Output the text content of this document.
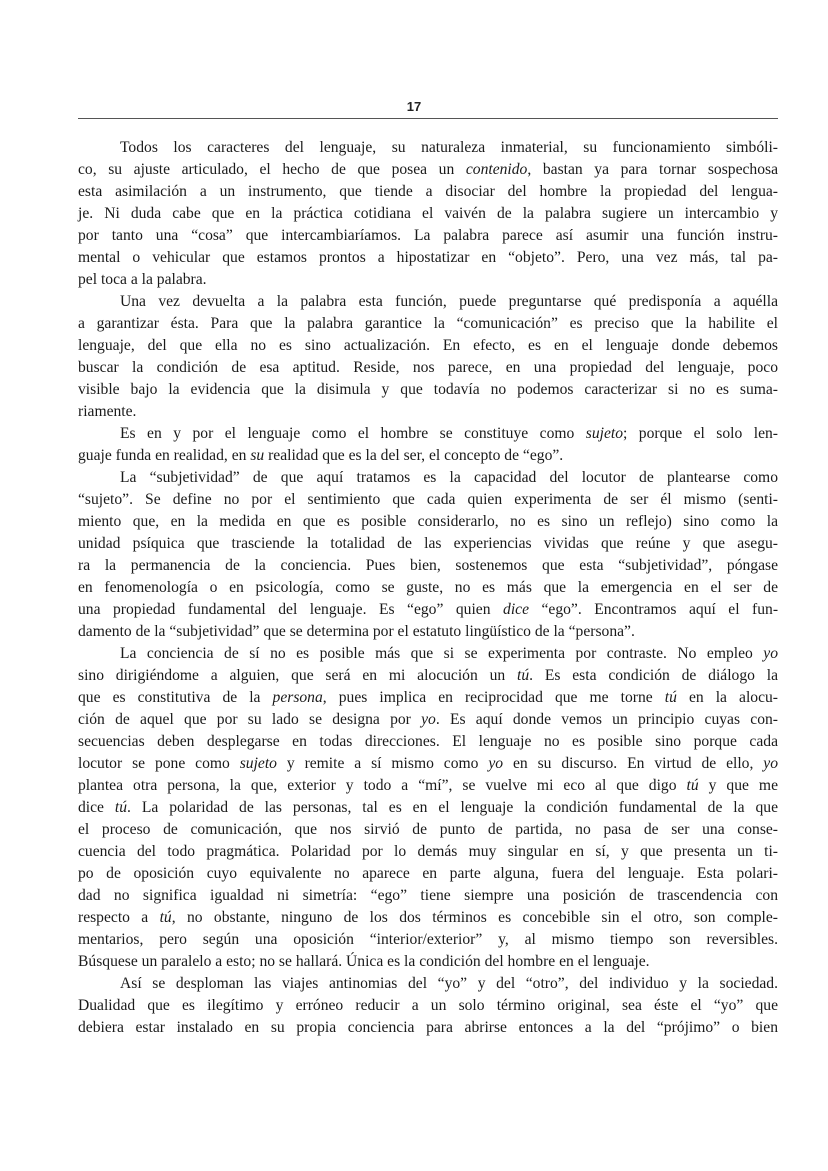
17
Todos los caracteres del lenguaje, su naturaleza inmaterial, su funcionamiento simbóli-
co, su ajuste articulado, el hecho de que posea un contenido, bastan ya para tornar sospechosa
esta asimilación a un instrumento, que tiende a disociar del hombre la propiedad del lengua-
je. Ni duda cabe que en la práctica cotidiana el vaivén de la palabra sugiere un intercambio y
por tanto una “cosa” que intercambiaríamos. La palabra parece así asumir una función instru-
mental o vehicular que estamos prontos a hipostatizar en “objeto”. Pero, una vez más, tal pa-
pel toca a la palabra.
Una vez devuelta a la palabra esta función, puede preguntarse qué predisponía a aquélla
a garantizar ésta. Para que la palabra garantice la “comunicación” es preciso que la habilite el
lenguaje, del que ella no es sino actualización. En efecto, es en el lenguaje donde debemos
buscar la condición de esa aptitud. Reside, nos parece, en una propiedad del lenguaje, poco
visible bajo la evidencia que la disimula y que todavía no podemos caracterizar si no es suma-
riamente.
Es en y por el lenguaje como el hombre se constituye como sujeto; porque el solo len-
guaje funda en realidad, en su realidad que es la del ser, el concepto de “ego”.
La “subjetividad” de que aquí tratamos es la capacidad del locutor de plantearse como
“sujeto”. Se define no por el sentimiento que cada quien experimenta de ser él mismo (senti-
miento que, en la medida en que es posible considerarlo, no es sino un reflejo) sino como la
unidad psíquica que trasciende la totalidad de las experiencias vividas que reúne y que asegu-
ra la permanencia de la conciencia. Pues bien, sostenemos que esta “subjetividad”, póngase
en fenomenología o en psicología, como se guste, no es más que la emergencia en el ser de
una propiedad fundamental del lenguaje. Es “ego” quien dice “ego”. Encontramos aquí el fun-
damento de la “subjetividad” que se determina por el estatuto lingüístico de la “persona”.
La conciencia de sí no es posible más que si se experimenta por contraste. No empleo yo
sino dirigiéndome a alguien, que será en mi alocución un tú. Es esta condición de diálogo la
que es constitutiva de la persona, pues implica en reciprocidad que me torne tú en la alocu-
ción de aquel que por su lado se designa por yo. Es aquí donde vemos un principio cuyas con-
secuencias deben desplegarse en todas direcciones. El lenguaje no es posible sino porque cada
locutor se pone como sujeto y remite a sí mismo como yo en su discurso. En virtud de ello, yo
plantea otra persona, la que, exterior y todo a “mí”, se vuelve mi eco al que digo tú y que me
dice tú. La polaridad de las personas, tal es en el lenguaje la condición fundamental de la que
el proceso de comunicación, que nos sirvió de punto de partida, no pasa de ser una conse-
cuencia del todo pragmática. Polaridad por lo demás muy singular en sí, y que presenta un ti-
po de oposición cuyo equivalente no aparece en parte alguna, fuera del lenguaje. Esta polari-
dad no significa igualdad ni simetría: “ego” tiene siempre una posición de trascendencia con
respecto a tú, no obstante, ninguno de los dos términos es concebible sin el otro, son comple-
mentarios, pero según una oposición “interior/exterior” y, al mismo tiempo son reversibles.
Búsquese un paralelo a esto; no se hallará. Única es la condición del hombre en el lenguaje.
Así se desploman las viajes antinomias del “yo” y del “otro”, del individuo y la sociedad.
Dualidad que es ilegítimo y erróneo reducir a un solo término original, sea éste el “yo” que
debiera estar instalado en su propia conciencia para abrirse entonces a la del “prójimo” o bien
